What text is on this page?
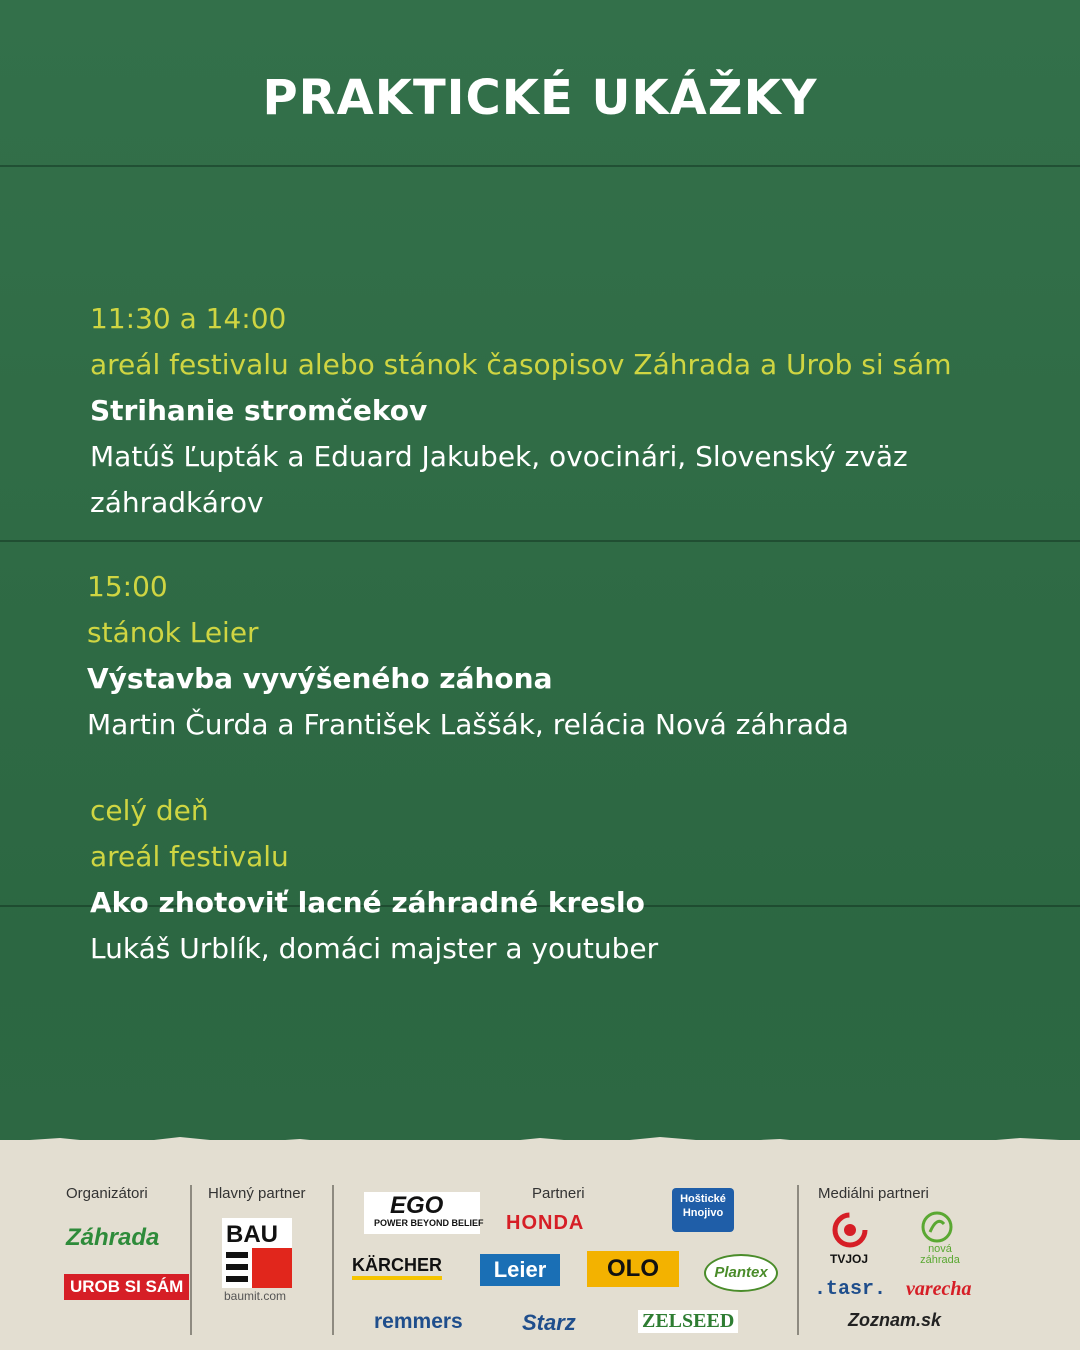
PRAKTICKÉ UKÁŽKY
11:30 a 14:00
areál festivalu alebo stánok časopisov Záhrada a Urob si sám
Strihanie stromčekov
Matúš Ľupták a Eduard Jakubek, ovocinári, Slovenský zväz
záhradkárov
15:00
stánok Leier
Výstavba vyvýšeného záhona
Martin Čurda a František Laššák, relácia Nová záhrada
celý deň
areál festivalu
Ako zhotoviť lacné záhradné kreslo
Lukáš Urblík, domáci majster a youtuber
Organizátori	Hlavný partner	Partneri	Mediálni partneri
Záhrada
UROB SI SÁM
BAU
baumit.com
EGO
POWER BEYOND BELIEF HONDA
Hoštické Hnojivo
KÄRCHER	Leier	OLO	Plantex
remmers	Starz	ZELSEED
TVJOJ
nová záhrada
.tasr. varecha
Zoznam.sk
